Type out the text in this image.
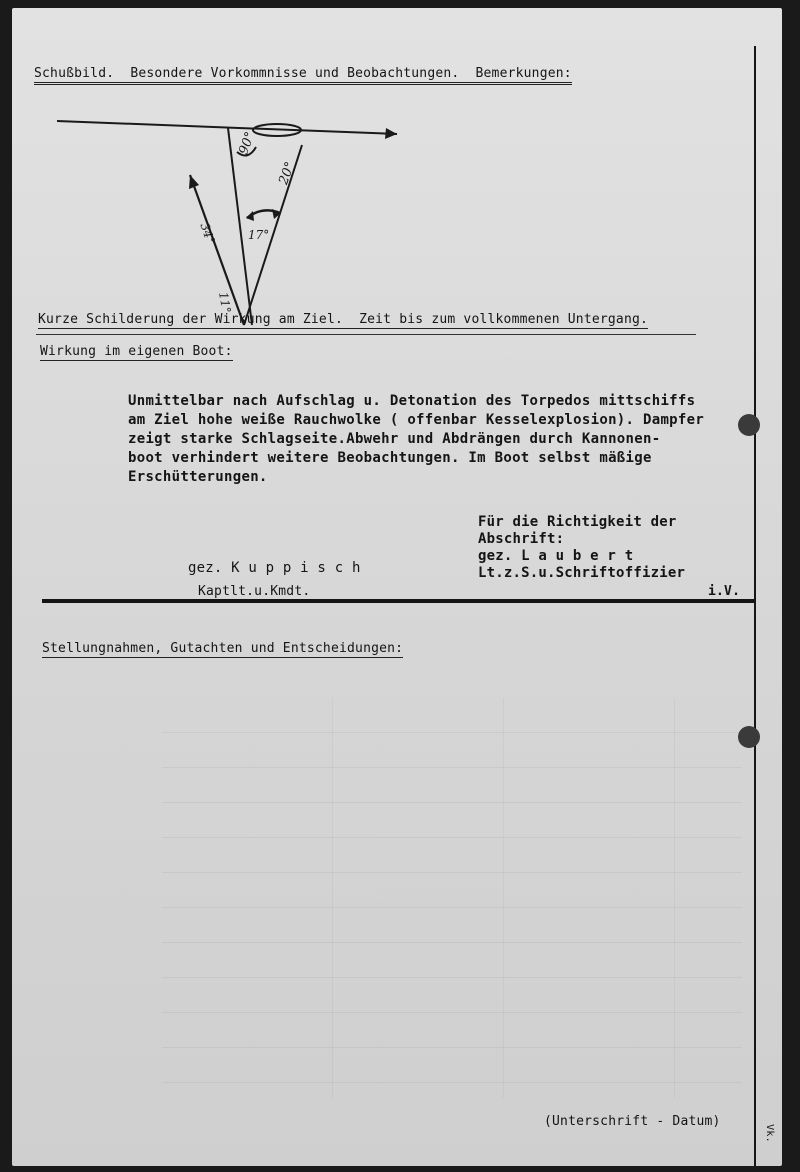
Schußbild. Besondere Vorkommnisse und Beobachtungen. Bemerkungen:
90°
20°
17°
34°
11°
Kurze Schilderung der Wirkung am Ziel. Zeit bis zum vollkommenen Untergang.
Wirkung im eigenen Boot:
Unmittelbar nach Aufschlag u. Detonation des Torpedos mittschiffs
am Ziel hohe weiße Rauchwolke ( offenbar Kesselexplosion). Dampfer
zeigt starke Schlagseite.Abwehr und Abdrängen durch Kannonen-
boot verhindert weitere Beobachtungen. Im Boot selbst mäßige
Erschütterungen.
Für die Richtigkeit der
Abschrift:
gez. L a u b e r t
Lt.z.S.u.Schriftoffizier
i.V.
gez. K u p p i s c h
Kaptlt.u.Kmdt.
Stellungnahmen, Gutachten und Entscheidungen:
(Unterschrift - Datum)
Vk.
